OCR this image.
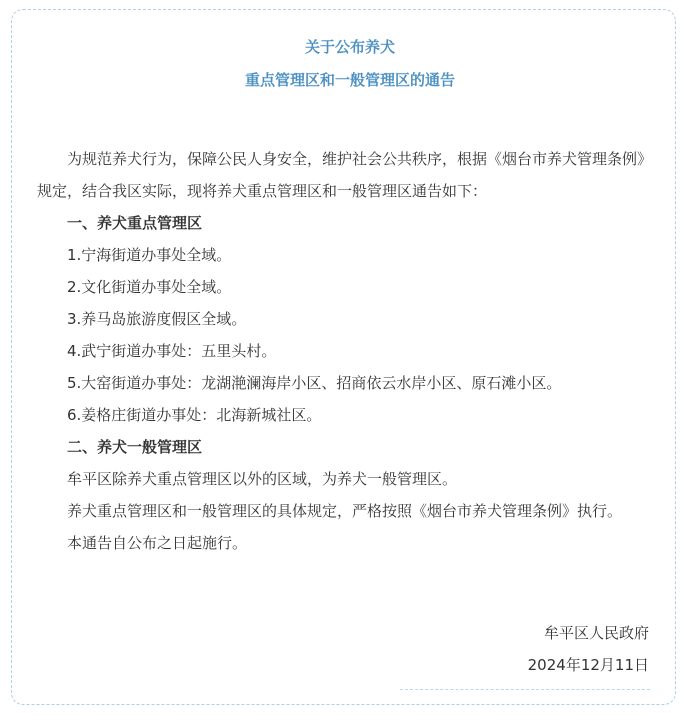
关于公布养犬
重点管理区和一般管理区的通告

为规范养犬行为，保障公民人身安全，维护社会公共秩序，根据《烟台市养犬管理条例》规定，结合我区实际，现将养犬重点管理区和一般管理区通告如下：

一、养犬重点管理区

1.宁海街道办事处全域。

2.文化街道办事处全域。

3.养马岛旅游度假区全域。

4.武宁街道办事处：五里头村。

5.大窑街道办事处：龙湖滟澜海岸小区、招商依云水岸小区、原石滩小区。

6.姜格庄街道办事处：北海新城社区。

二、养犬一般管理区

牟平区除养犬重点管理区以外的区域，为养犬一般管理区。

养犬重点管理区和一般管理区的具体规定，严格按照《烟台市养犬管理条例》执行。

本通告自公布之日起施行。

牟平区人民政府
2024年12月11日
